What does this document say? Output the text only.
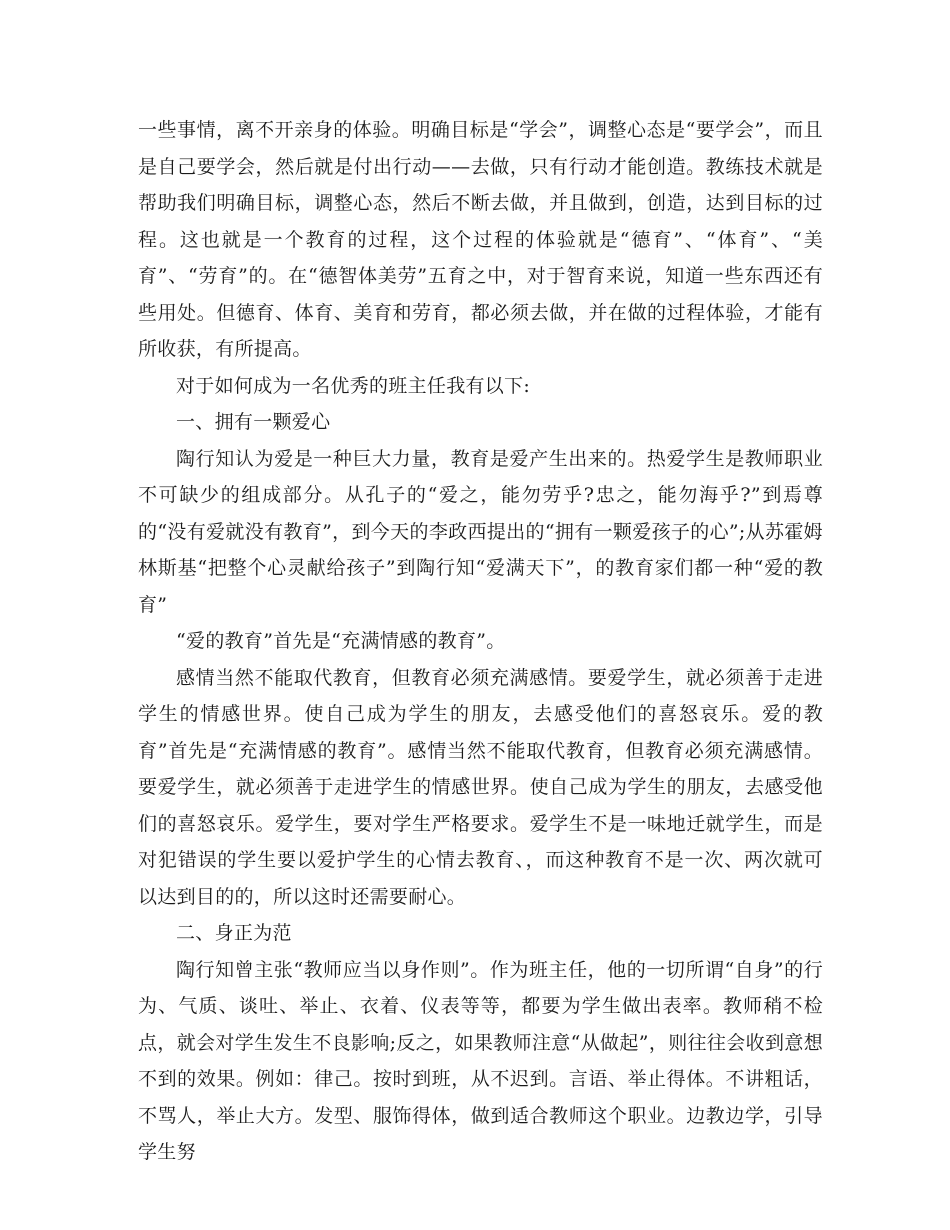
一些事情，离不开亲身的体验。明确目标是“学会”，调整心态是“要学会”，而且是自己要学会，然后就是付出行动——去做，只有行动才能创造。教练技术就是帮助我们明确目标，调整心态，然后不断去做，并且做到，创造，达到目标的过程。这也就是一个教育的过程，这个过程的体验就是“德育”、“体育”、“美育”、“劳育”的。在“德智体美劳”五育之中，对于智育来说，知道一些东西还有些用处。但德育、体育、美育和劳育，都必须去做，并在做的过程体验，才能有所收获，有所提高。

对于如何成为一名优秀的班主任我有以下:

一、拥有一颗爱心

陶行知认为爱是一种巨大力量，教育是爱产生出来的。热爱学生是教师职业不可缺少的组成部分。从孔子的“爱之，能勿劳乎?忠之，能勿海乎?”到焉尊的“没有爱就没有教育”，到今天的李政西提出的“拥有一颗爱孩子的心”;从苏霍姆林斯基“把整个心灵献给孩子”到陶行知“爱满天下”，的教育家们都一种“爱的教育”

“爱的教育”首先是“充满情感的教育”。

感情当然不能取代教育，但教育必须充满感情。要爱学生，就必须善于走进学生的情感世界。使自己成为学生的朋友，去感受他们的喜怒哀乐。爱的教育”首先是“充满情感的教育”。感情当然不能取代教育，但教育必须充满感情。要爱学生，就必须善于走进学生的情感世界。使自己成为学生的朋友，去感受他们的喜怒哀乐。爱学生，要对学生严格要求。爱学生不是一味地迁就学生，而是对犯错误的学生要以爱护学生的心情去教育、，而这种教育不是一次、两次就可以达到目的的，所以这时还需要耐心。

二、身正为范

陶行知曾主张“教师应当以身作则”。作为班主任，他的一切所谓“自身”的行为、气质、谈吐、举止、衣着、仪表等等，都要为学生做出表率。教师稍不检点，就会对学生发生不良影响;反之，如果教师注意“从做起”，则往往会收到意想不到的效果。例如：律己。按时到班，从不迟到。言语、举止得体。不讲粗话，不骂人，举止大方。发型、服饰得体，做到适合教师这个职业。边教边学，引导学生努
